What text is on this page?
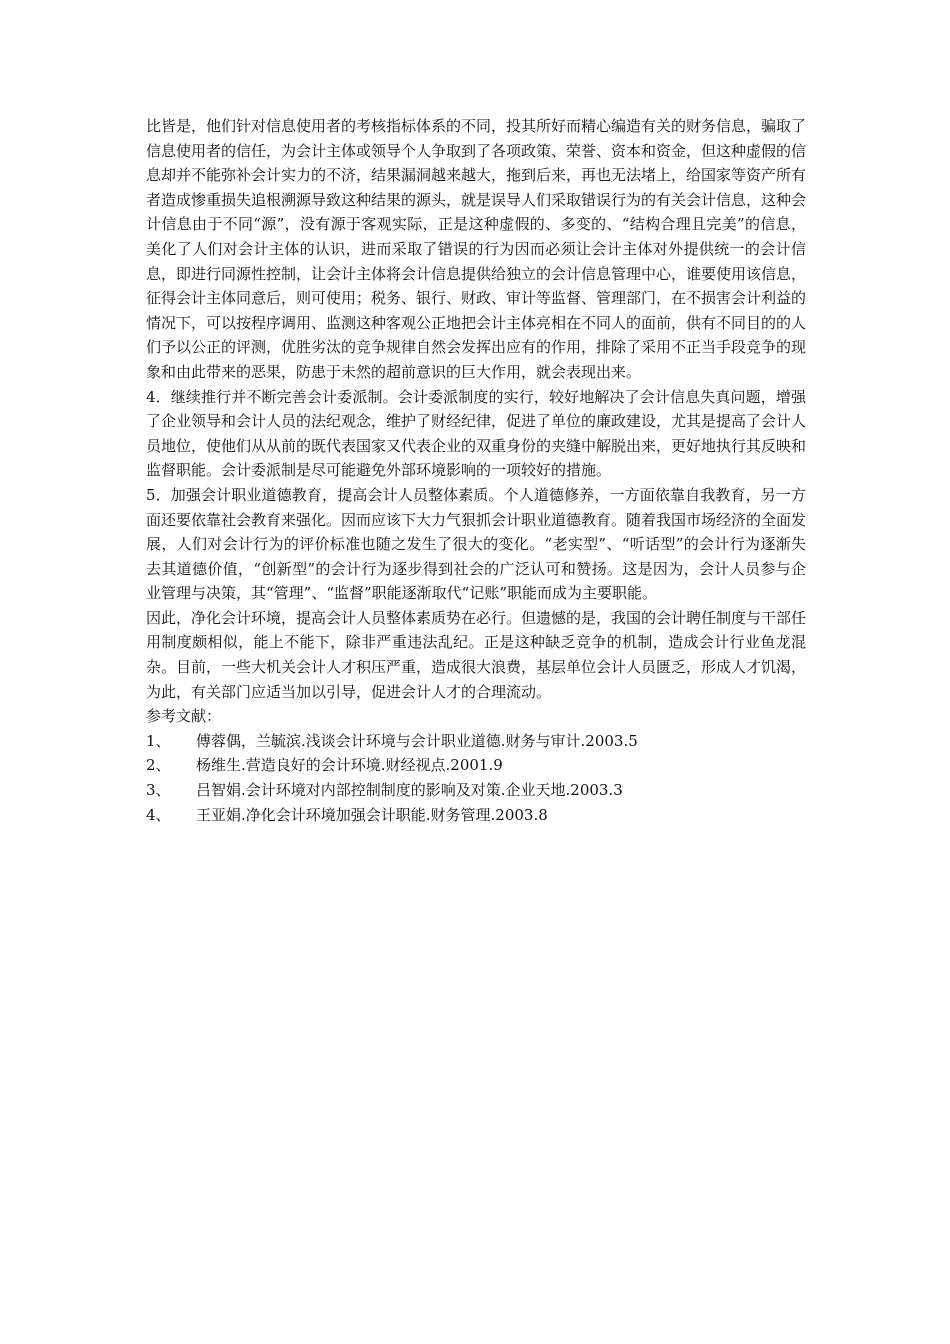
比皆是，他们针对信息使用者的考核指标体系的不同，投其所好而精心编造有关的财务信息，骗取了信息使用者的信任，为会计主体或领导个人争取到了各项政策、荣誉、资本和资金，但这种虚假的信息却并不能弥补会计实力的不济，结果漏洞越来越大，拖到后来，再也无法堵上，给国家等资产所有者造成惨重损失追根溯源导致这种结果的源头，就是误导人们采取错误行为的有关会计信息，这种会计信息由于不同“源”，没有源于客观实际，正是这种虚假的、多变的、“结构合理且完美”的信息，美化了人们对会计主体的认识，进而采取了错误的行为因而必须让会计主体对外提供统一的会计信息，即进行同源性控制，让会计主体将会计信息提供给独立的会计信息管理中心，谁要使用该信息，征得会计主体同意后，则可使用；税务、银行、财政、审计等监督、管理部门，在不损害会计利益的情况下，可以按程序调用、监测这种客观公正地把会计主体亮相在不同人的面前，供有不同目的的人们予以公正的评测，优胜劣汰的竞争规律自然会发挥出应有的作用，排除了采用不正当手段竞争的现象和由此带来的恶果，防患于未然的超前意识的巨大作用，就会表现出来。

4．继续推行并不断完善会计委派制。会计委派制度的实行，较好地解决了会计信息失真问题，增强了企业领导和会计人员的法纪观念，维护了财经纪律，促进了单位的廉政建设，尤其是提高了会计人员地位，使他们从从前的既代表国家又代表企业的双重身份的夹缝中解脱出来，更好地执行其反映和监督职能。会计委派制是尽可能避免外部环境影响的一项较好的措施。

5．加强会计职业道德教育，提高会计人员整体素质。个人道德修养，一方面依靠自我教育，另一方面还要依靠社会教育来强化。因而应该下大力气狠抓会计职业道德教育。随着我国市场经济的全面发展，人们对会计行为的评价标准也随之发生了很大的变化。“老实型”、“听话型”的会计行为逐渐失去其道德价值，“创新型”的会计行为逐步得到社会的广泛认可和赞扬。这是因为，会计人员参与企业管理与决策，其“管理”、“监督”职能逐渐取代“记账”职能而成为主要职能。

因此，净化会计环境，提高会计人员整体素质势在必行。但遗憾的是，我国的会计聘任制度与干部任用制度颇相似，能上不能下，除非严重违法乱纪。正是这种缺乏竞争的机制，造成会计行业鱼龙混杂。目前，一些大机关会计人才积压严重，造成很大浪费，基层单位会计人员匮乏，形成人才饥渴，为此，有关部门应适当加以引导，促进会计人才的合理流动。

参考文献：

1、	傅蓉偶，兰毓滨.浅谈会计环境与会计职业道德.财务与审计.2003.5
2、	杨维生.营造良好的会计环境.财经视点.2001.9
3、	吕智娟.会计环境对内部控制制度的影响及对策.企业天地.2003.3
4、	王亚娟.净化会计环境加强会计职能.财务管理.2003.8
